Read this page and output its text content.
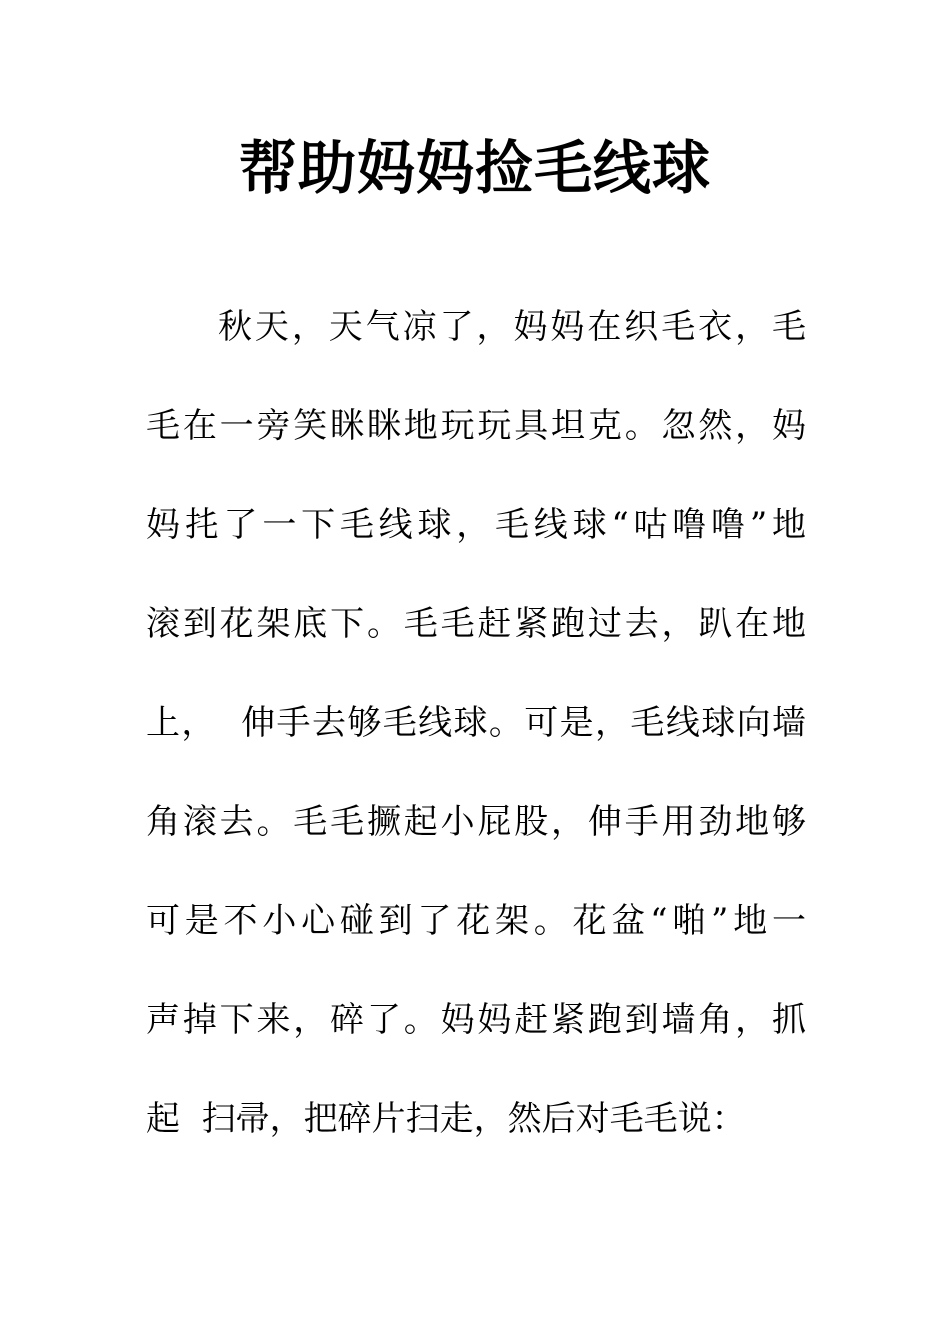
帮助妈妈捡毛线球
秋天，天气凉了，妈妈在织毛衣，毛
毛在一旁笑眯眯地玩玩具坦克。忽然，妈
妈扥了一下毛线球，毛线球“咕噜噜”地
滚到花架底下。毛毛赶紧跑过去，趴在地
上，  伸手去够毛线球。可是，毛线球向墙
角滚去。毛毛撅起小屁股，伸手用劲地够
可是不小心碰到了花架。花盆“啪”地一
声掉下来，碎了。妈妈赶紧跑到墙角，抓
起  扫帚，把碎片扫走，然后对毛毛说：
